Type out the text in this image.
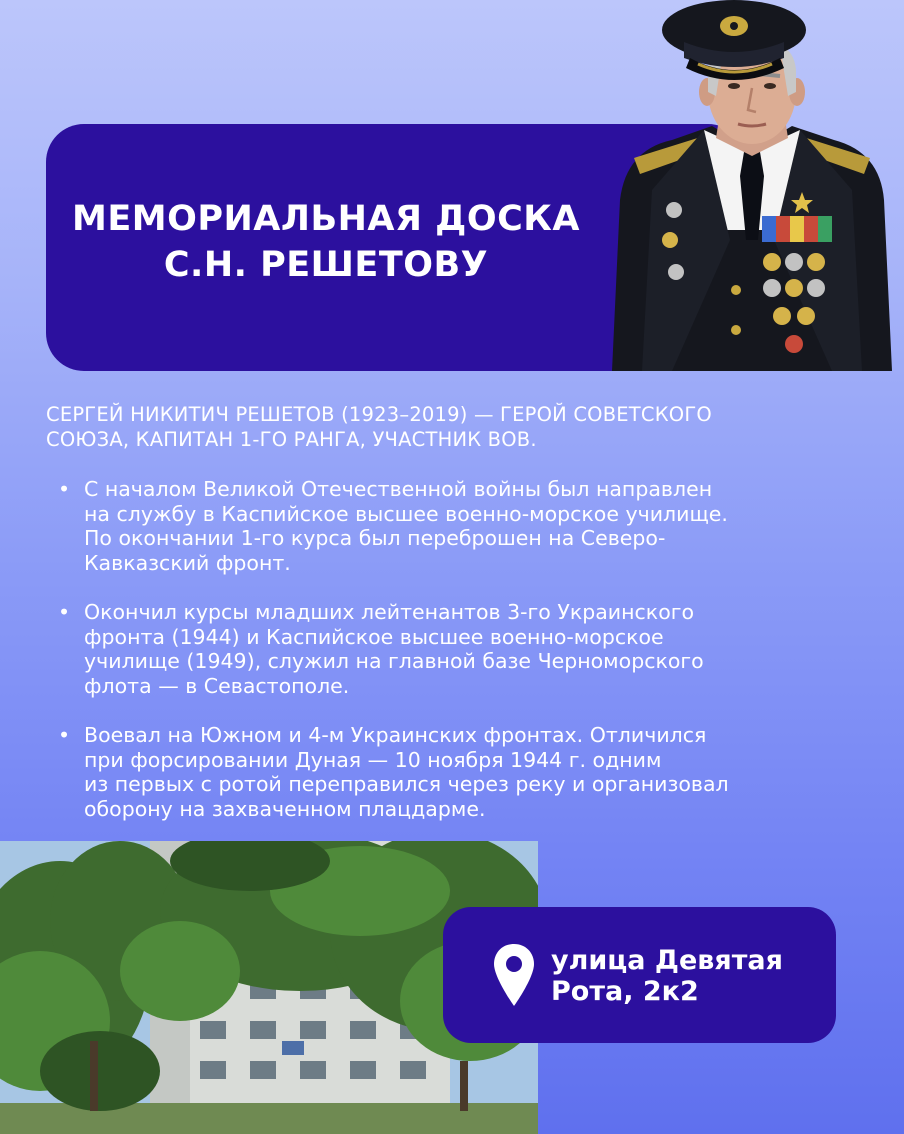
МЕМОРИАЛЬНАЯ ДОСКА
С.Н. РЕШЕТОВУ
СЕРГЕЙ НИКИТИЧ РЕШЕТОВ (1923–2019) — ГЕРОЙ СОВЕТСКОГО
СОЮЗА, КАПИТАН 1-ГО РАНГА, УЧАСТНИК ВОВ.
• С началом Великой Отечественной войны был направлен
на службу в Каспийское высшее военно-морское училище.
По окончании 1-го курса был переброшен на Северо-
Кавказский фронт.
• Окончил курсы младших лейтенантов 3-го Украинского
фронта (1944) и Каспийское высшее военно-морское
училище (1949), служил на главной базе Черноморского
флота — в Севастополе.
• Воевал на Южном и 4-м Украинских фронтах. Отличился
при форсировании Дуная — 10 ноября 1944 г. одним
из первых с ротой переправился через реку и организовал
оборону на захваченном плацдарме.
улица Девятая
Рота, 2к2
